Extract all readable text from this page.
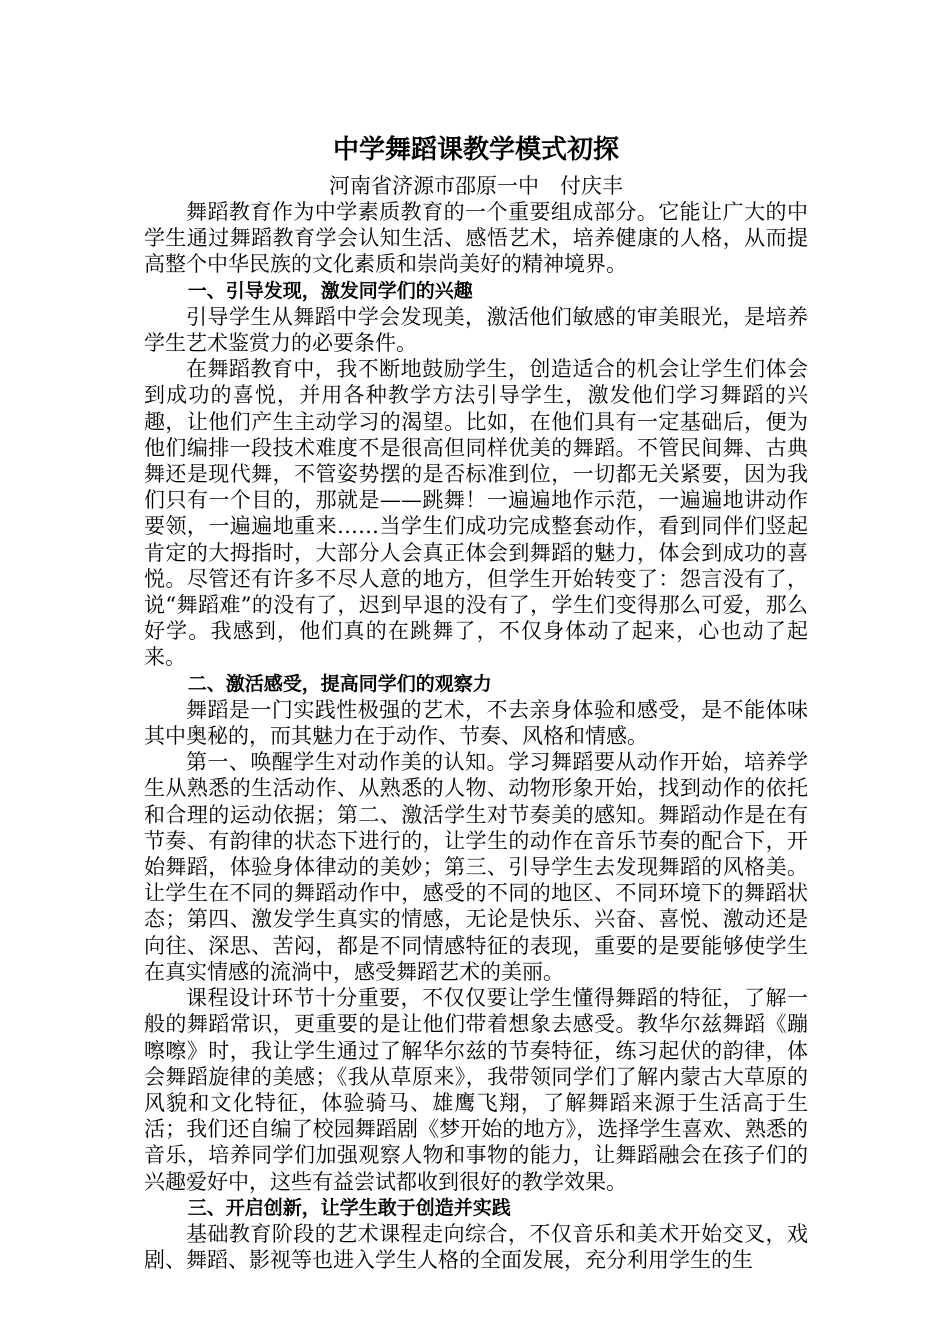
中学舞蹈课教学模式初探

河南省济源市邵原一中　付庆丰

舞蹈教育作为中学素质教育的一个重要组成部分。它能让广大的中学生通过舞蹈教育学会认知生活、感悟艺术，培养健康的人格，从而提高整个中华民族的文化素质和崇尚美好的精神境界。

一、引导发现，激发同学们的兴趣

引导学生从舞蹈中学会发现美，激活他们敏感的审美眼光，是培养学生艺术鉴赏力的必要条件。

在舞蹈教育中，我不断地鼓励学生，创造适合的机会让学生们体会到成功的喜悦，并用各种教学方法引导学生，激发他们学习舞蹈的兴趣，让他们产生主动学习的渴望。比如，在他们具有一定基础后，便为他们编排一段技术难度不是很高但同样优美的舞蹈。不管民间舞、古典舞还是现代舞，不管姿势摆的是否标准到位，一切都无关紧要，因为我们只有一个目的，那就是——跳舞！一遍遍地作示范，一遍遍地讲动作要领，一遍遍地重来……当学生们成功完成整套动作，看到同伴们竖起肯定的大拇指时，大部分人会真正体会到舞蹈的魅力，体会到成功的喜悦。尽管还有许多不尽人意的地方，但学生开始转变了：怨言没有了，说“舞蹈难”的没有了，迟到早退的没有了，学生们变得那么可爱，那么好学。我感到，他们真的在跳舞了，不仅身体动了起来，心也动了起来。

二、激活感受，提高同学们的观察力

舞蹈是一门实践性极强的艺术，不去亲身体验和感受，是不能体味其中奥秘的，而其魅力在于动作、节奏、风格和情感。

第一、唤醒学生对动作美的认知。学习舞蹈要从动作开始，培养学生从熟悉的生活动作、从熟悉的人物、动物形象开始，找到动作的依托和合理的运动依据；第二、激活学生对节奏美的感知。舞蹈动作是在有节奏、有韵律的状态下进行的，让学生的动作在音乐节奏的配合下，开始舞蹈，体验身体律动的美妙；第三、引导学生去发现舞蹈的风格美。让学生在不同的舞蹈动作中，感受的不同的地区、不同环境下的舞蹈状态；第四、激发学生真实的情感，无论是快乐、兴奋、喜悦、激动还是向往、深思、苦闷，都是不同情感特征的表现，重要的是要能够使学生在真实情感的流淌中，感受舞蹈艺术的美丽。

课程设计环节十分重要，不仅仅要让学生懂得舞蹈的特征，了解一般的舞蹈常识，更重要的是让他们带着想象去感受。教华尔兹舞蹈《蹦嚓嚓》时，我让学生通过了解华尔兹的节奏特征，练习起伏的韵律，体会舞蹈旋律的美感；《我从草原来》，我带领同学们了解内蒙古大草原的风貌和文化特征，体验骑马、雄鹰飞翔，了解舞蹈来源于生活高于生活；我们还自编了校园舞蹈剧《梦开始的地方》，选择学生喜欢、熟悉的音乐，培养同学们加强观察人物和事物的能力，让舞蹈融会在孩子们的兴趣爱好中，这些有益尝试都收到很好的教学效果。

三、开启创新，让学生敢于创造并实践

基础教育阶段的艺术课程走向综合，不仅音乐和美术开始交叉，戏剧、舞蹈、影视等也进入学生人格的全面发展，充分利用学生的生
